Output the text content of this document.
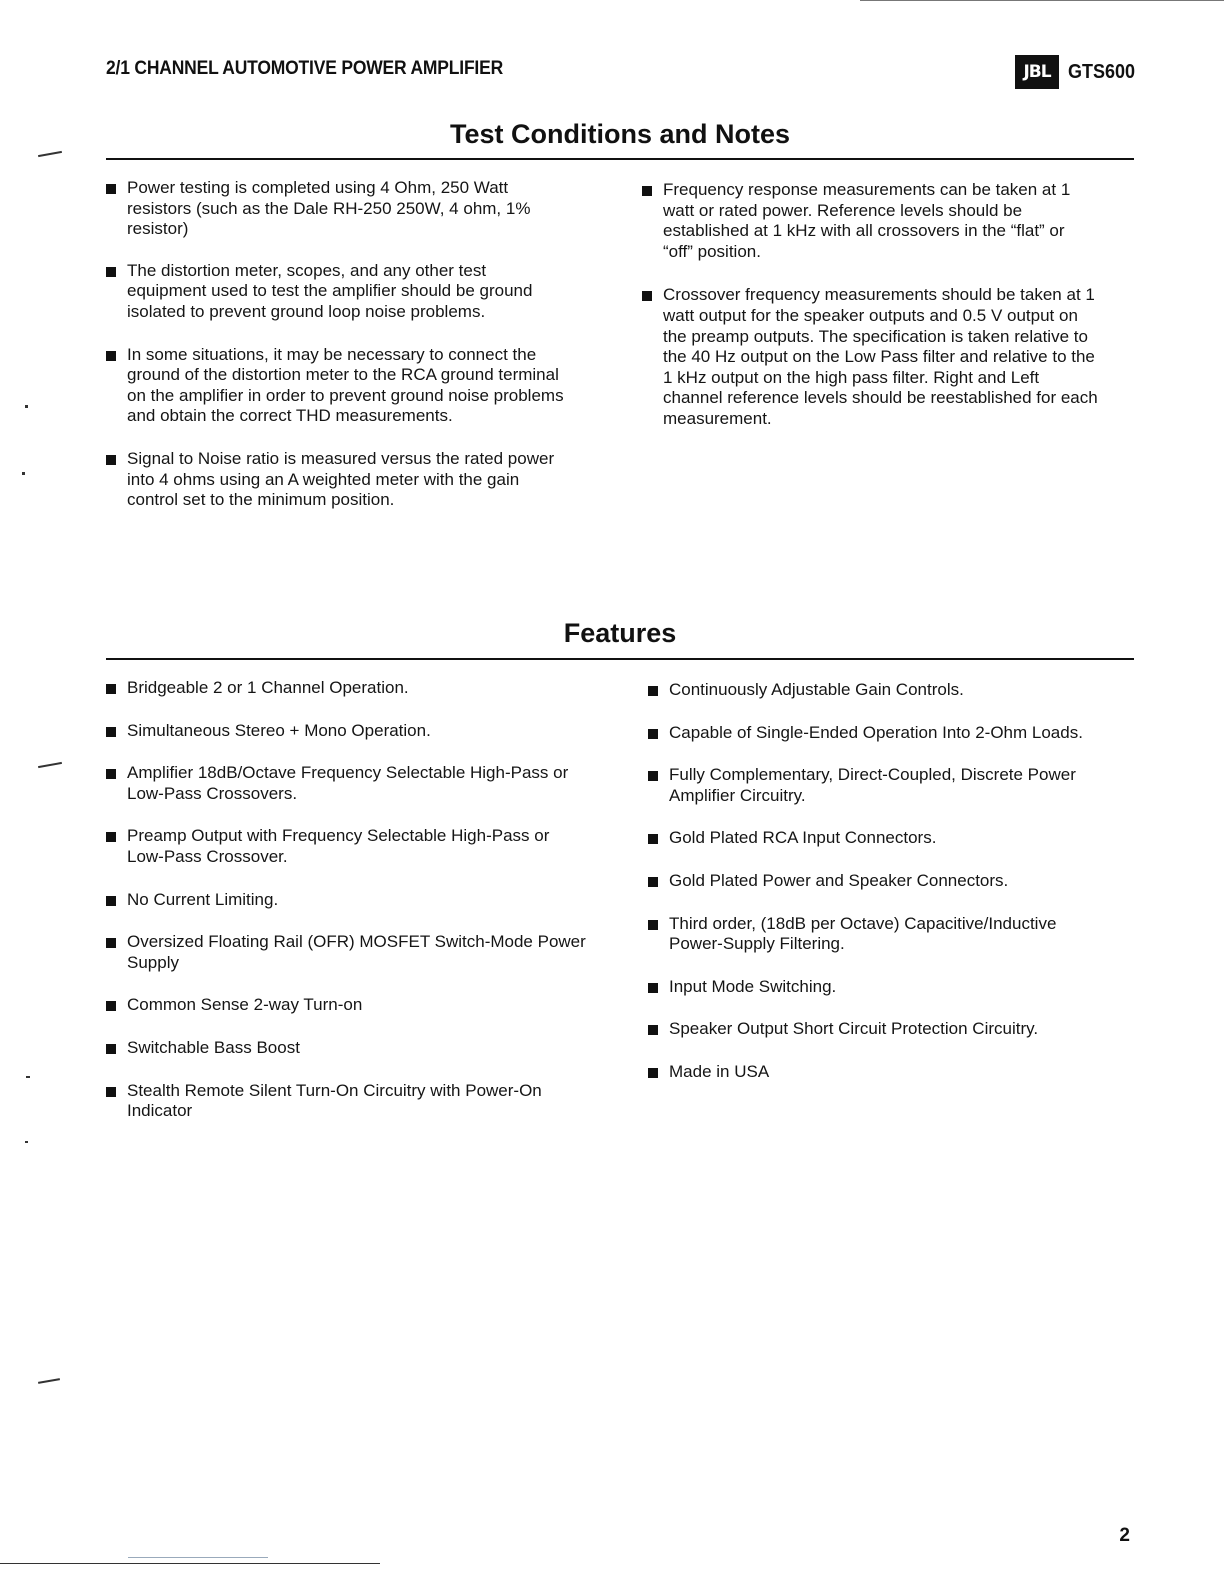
2/1 CHANNEL AUTOMOTIVE POWER AMPLIFIER	JBL GTS600
Test Conditions and Notes
Power testing is completed using 4 Ohm, 250 Watt
resistors (such as the Dale RH-250 250W, 4 ohm, 1%
resistor)
The distortion meter, scopes, and any other test
equipment used to test the amplifier should be ground
isolated to prevent ground loop noise problems.
In some situations, it may be necessary to connect the
ground of the distortion meter to the RCA ground terminal
on the amplifier in order to prevent ground noise problems
and obtain the correct THD measurements.
Signal to Noise ratio is measured versus the rated power
into 4 ohms using an A weighted meter with the gain
control set to the minimum position.
Frequency response measurements can be taken at 1
watt or rated power. Reference levels should be
established at 1 kHz with all crossovers in the “flat” or
“off” position.
Crossover frequency measurements should be taken at 1
watt output for the speaker outputs and 0.5 V output on
the preamp outputs. The specification is taken relative to
the 40 Hz output on the Low Pass filter and relative to the
1 kHz output on the high pass filter. Right and Left
channel reference levels should be reestablished for each
measurement.
Features
Bridgeable 2 or 1 Channel Operation.
Simultaneous Stereo + Mono Operation.
Amplifier 18dB/Octave Frequency Selectable High-Pass or
Low-Pass Crossovers.
Preamp Output with Frequency Selectable High-Pass or
Low-Pass Crossover.
No Current Limiting.
Oversized Floating Rail (OFR) MOSFET Switch-Mode Power
Supply
Common Sense 2-way Turn-on
Switchable Bass Boost
Stealth Remote Silent Turn-On Circuitry with Power-On
Indicator
Continuously Adjustable Gain Controls.
Capable of Single-Ended Operation Into 2-Ohm Loads.
Fully Complementary, Direct-Coupled, Discrete Power
Amplifier Circuitry.
Gold Plated RCA Input Connectors.
Gold Plated Power and Speaker Connectors.
Third order, (18dB per Octave) Capacitive/Inductive
Power-Supply Filtering.
Input Mode Switching.
Speaker Output Short Circuit Protection Circuitry.
Made in USA
2
